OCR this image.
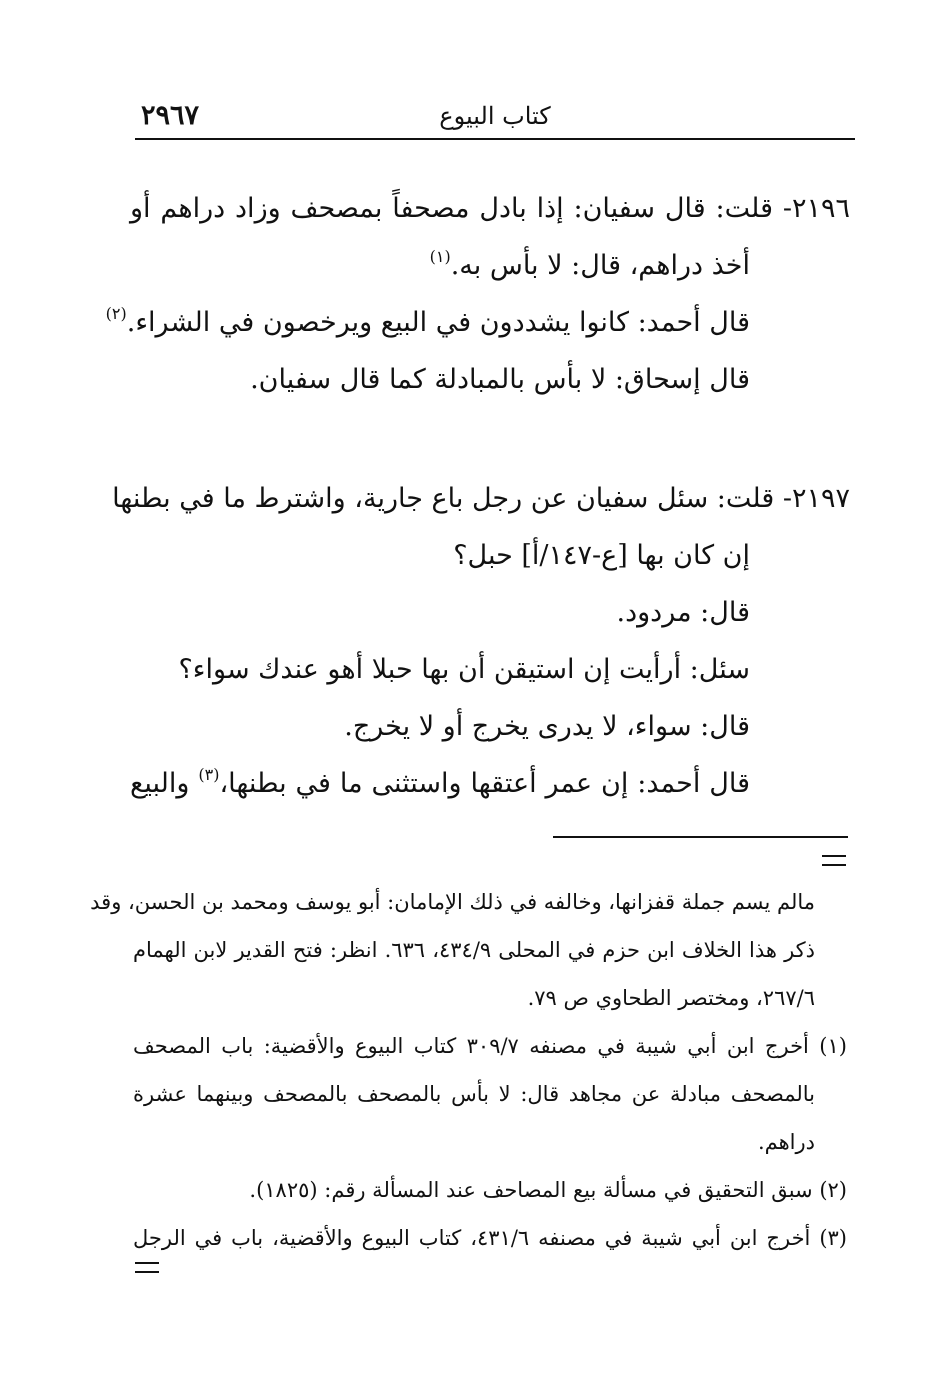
كتاب البيوع
٢٩٦٧
٢١٩٦- قلت: قال سفيان: إذا بادل مصحفاً بمصحف وزاد دراهم أو
أخذ دراهم، قال: لا بأس به.$^{(١)}$
قال أحمد: كانوا يشددون في البيع ويرخصون في الشراء.$^{(٢)}$
قال إسحاق: لا بأس بالمبادلة كما قال سفيان.
٢١٩٧- قلت: سئل سفيان عن رجل باع جارية، واشترط ما في بطنها
إن كان بها [ع-١٤٧/أ] حبل؟
قال: مردود.
سئل: أرأيت إن استيقن أن بها حبلا أهو عندك سواء؟
قال: سواء، لا يدرى يخرج أو لا يخرج.
قال أحمد: إن عمر أعتقها واستثنى ما في بطنها،$^{(٣)}$ والبيع
مالم يسم جملة قفزانها، وخالفه في ذلك الإمامان: أبو يوسف ومحمد بن الحسن، وقد
ذكر هذا الخلاف ابن حزم في المحلى ٤٣٤/٩، ٦٣٦. انظر: فتح القدير لابن الهمام
٢٦٧/٦، ومختصر الطحاوي ص ٧٩.
(١) أخرج ابن أبي شيبة في مصنفه ٣٠٩/٧ كتاب البيوع والأقضية: باب المصحف
بالمصحف مبادلة عن مجاهد قال: لا بأس بالمصحف بالمصحف وبينهما عشرة
دراهم.
(٢) سبق التحقيق في مسألة بيع المصاحف عند المسألة رقم: (١٨٢٥).
(٣) أخرج ابن أبي شيبة في مصنفه ٤٣١/٦، كتاب البيوع والأقضية، باب في الرجل
